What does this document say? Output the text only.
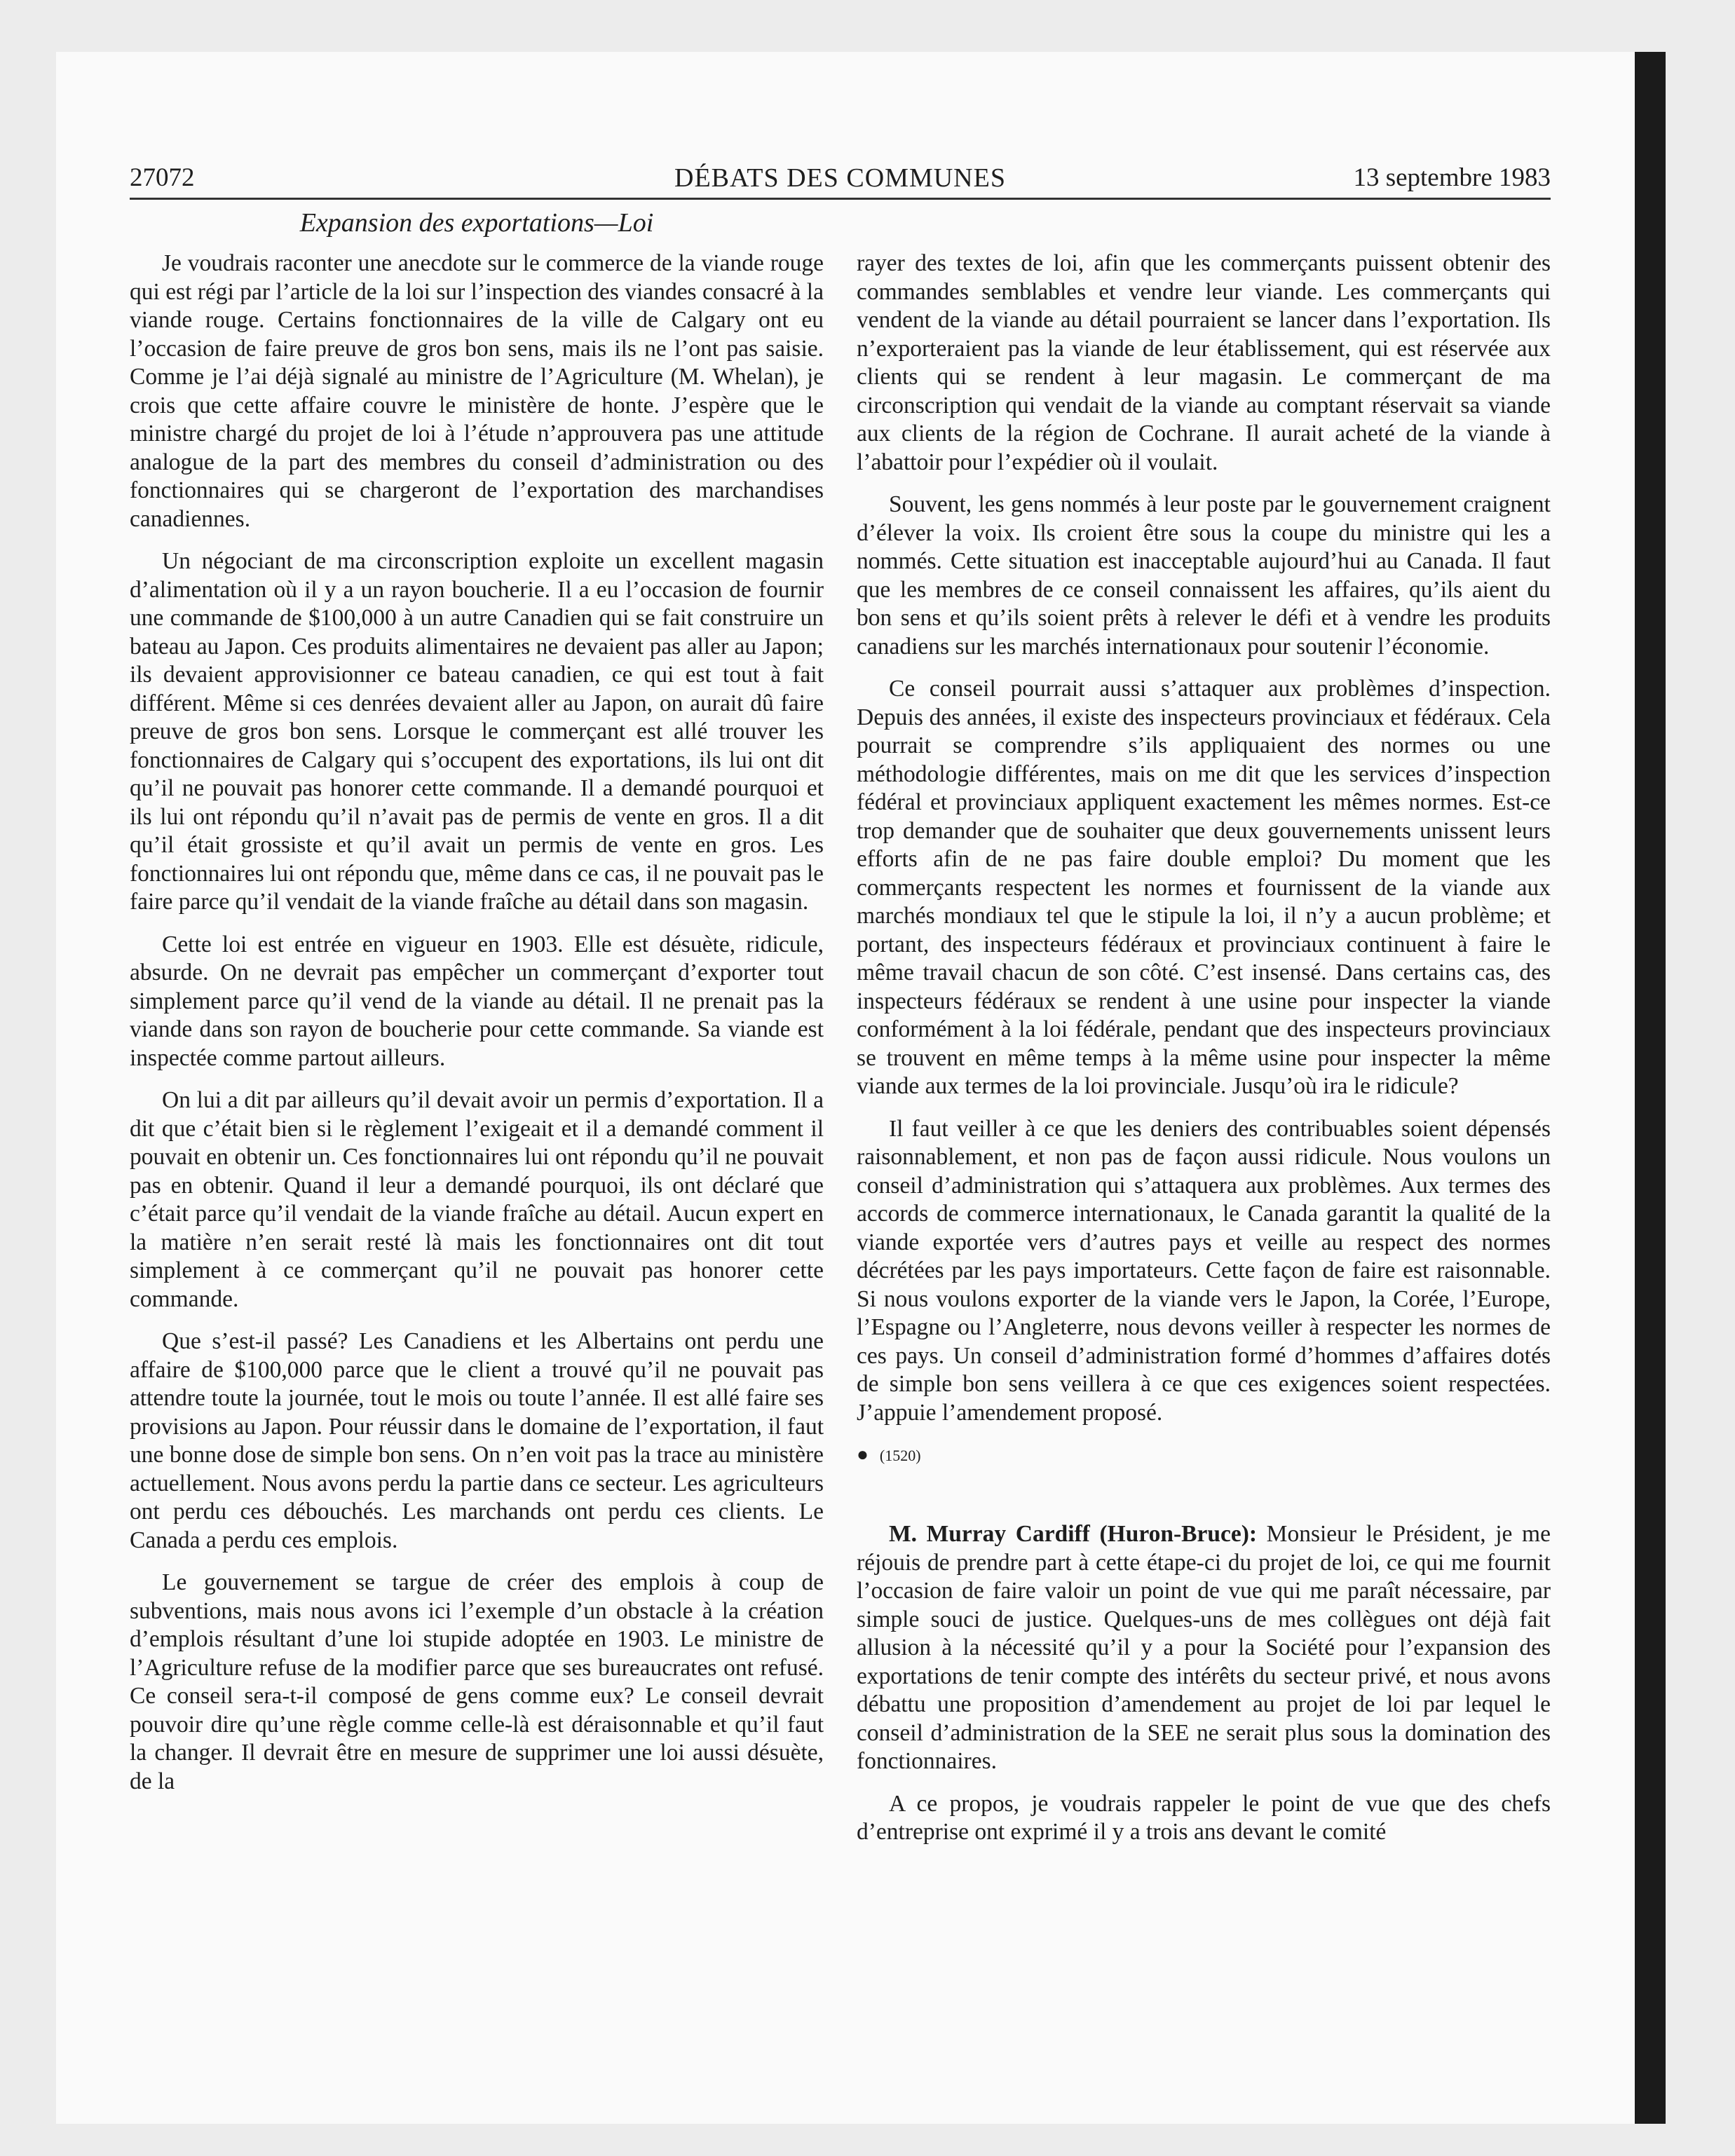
27072	DÉBATS DES COMMUNES	13 septembre 1983
Expansion des exportations—Loi

Je voudrais raconter une anecdote sur le commerce de la viande rouge qui est régi par l’article de la loi sur l’inspection des viandes consacré à la viande rouge. Certains fonctionnaires de la ville de Calgary ont eu l’occasion de faire preuve de gros bon sens, mais ils ne l’ont pas saisie. Comme je l’ai déjà signalé au ministre de l’Agriculture (M. Whelan), je crois que cette affaire couvre le ministère de honte. J’espère que le ministre chargé du projet de loi à l’étude n’approuvera pas une attitude analogue de la part des membres du conseil d’administration ou des fonctionnaires qui se chargeront de l’exportation des marchandises canadiennes.

Un négociant de ma circonscription exploite un excellent magasin d’alimentation où il y a un rayon boucherie. Il a eu l’occasion de fournir une commande de $100,000 à un autre Canadien qui se fait construire un bateau au Japon. Ces produits alimentaires ne devaient pas aller au Japon; ils devaient approvisionner ce bateau canadien, ce qui est tout à fait différent. Même si ces denrées devaient aller au Japon, on aurait dû faire preuve de gros bon sens. Lorsque le commerçant est allé trouver les fonctionnaires de Calgary qui s’occupent des exportations, ils lui ont dit qu’il ne pouvait pas honorer cette commande. Il a demandé pourquoi et ils lui ont répondu qu’il n’avait pas de permis de vente en gros. Il a dit qu’il était grossiste et qu’il avait un permis de vente en gros. Les fonctionnaires lui ont répondu que, même dans ce cas, il ne pouvait pas le faire parce qu’il vendait de la viande fraîche au détail dans son magasin.

Cette loi est entrée en vigueur en 1903. Elle est désuète, ridicule, absurde. On ne devrait pas empêcher un commerçant d’exporter tout simplement parce qu’il vend de la viande au détail. Il ne prenait pas la viande dans son rayon de boucherie pour cette commande. Sa viande est inspectée comme partout ailleurs.

On lui a dit par ailleurs qu’il devait avoir un permis d’exportation. Il a dit que c’était bien si le règlement l’exigeait et il a demandé comment il pouvait en obtenir un. Ces fonctionnaires lui ont répondu qu’il ne pouvait pas en obtenir. Quand il leur a demandé pourquoi, ils ont déclaré que c’était parce qu’il vendait de la viande fraîche au détail. Aucun expert en la matière n’en serait resté là mais les fonctionnaires ont dit tout simplement à ce commerçant qu’il ne pouvait pas honorer cette commande.

Que s’est-il passé? Les Canadiens et les Albertains ont perdu une affaire de $100,000 parce que le client a trouvé qu’il ne pouvait pas attendre toute la journée, tout le mois ou toute l’année. Il est allé faire ses provisions au Japon. Pour réussir dans le domaine de l’exportation, il faut une bonne dose de simple bon sens. On n’en voit pas la trace au ministère actuellement. Nous avons perdu la partie dans ce secteur. Les agriculteurs ont perdu ces débouchés. Les marchands ont perdu ces clients. Le Canada a perdu ces emplois.

Le gouvernement se targue de créer des emplois à coup de subventions, mais nous avons ici l’exemple d’un obstacle à la création d’emplois résultant d’une loi stupide adoptée en 1903. Le ministre de l’Agriculture refuse de la modifier parce que ses bureaucrates ont refusé. Ce conseil sera-t-il composé de gens comme eux? Le conseil devrait pouvoir dire qu’une règle comme celle-là est déraisonnable et qu’il faut la changer. Il devrait être en mesure de supprimer une loi aussi désuète, de la

rayer des textes de loi, afin que les commerçants puissent obtenir des commandes semblables et vendre leur viande. Les commerçants qui vendent de la viande au détail pourraient se lancer dans l’exportation. Ils n’exporteraient pas la viande de leur établissement, qui est réservée aux clients qui se rendent à leur magasin. Le commerçant de ma circonscription qui vendait de la viande au comptant réservait sa viande aux clients de la région de Cochrane. Il aurait acheté de la viande à l’abattoir pour l’expédier où il voulait.

Souvent, les gens nommés à leur poste par le gouvernement craignent d’élever la voix. Ils croient être sous la coupe du ministre qui les a nommés. Cette situation est inacceptable aujourd’hui au Canada. Il faut que les membres de ce conseil connaissent les affaires, qu’ils aient du bon sens et qu’ils soient prêts à relever le défi et à vendre les produits canadiens sur les marchés internationaux pour soutenir l’économie.

Ce conseil pourrait aussi s’attaquer aux problèmes d’inspection. Depuis des années, il existe des inspecteurs provinciaux et fédéraux. Cela pourrait se comprendre s’ils appliquaient des normes ou une méthodologie différentes, mais on me dit que les services d’inspection fédéral et provinciaux appliquent exactement les mêmes normes. Est-ce trop demander que de souhaiter que deux gouvernements unissent leurs efforts afin de ne pas faire double emploi? Du moment que les commerçants respectent les normes et fournissent de la viande aux marchés mondiaux tel que le stipule la loi, il n’y a aucun problème; et portant, des inspecteurs fédéraux et provinciaux continuent à faire le même travail chacun de son côté. C’est insensé. Dans certains cas, des inspecteurs fédéraux se rendent à une usine pour inspecter la viande conformément à la loi fédérale, pendant que des inspecteurs provinciaux se trouvent en même temps à la même usine pour inspecter la même viande aux termes de la loi provinciale. Jusqu’où ira le ridicule?

Il faut veiller à ce que les deniers des contribuables soient dépensés raisonnablement, et non pas de façon aussi ridicule. Nous voulons un conseil d’administration qui s’attaquera aux problèmes. Aux termes des accords de commerce internationaux, le Canada garantit la qualité de la viande exportée vers d’autres pays et veille au respect des normes décrétées par les pays importateurs. Cette façon de faire est raisonnable. Si nous voulons exporter de la viande vers le Japon, la Corée, l’Europe, l’Espagne ou l’Angleterre, nous devons veiller à respecter les normes de ces pays. Un conseil d’administration formé d’hommes d’affaires dotés de simple bon sens veillera à ce que ces exigences soient respectées. J’appuie l’amendement proposé.

● (1520)

M. Murray Cardiff (Huron-Bruce): Monsieur le Président, je me réjouis de prendre part à cette étape-ci du projet de loi, ce qui me fournit l’occasion de faire valoir un point de vue qui me paraît nécessaire, par simple souci de justice. Quelques-uns de mes collègues ont déjà fait allusion à la nécessité qu’il y a pour la Société pour l’expansion des exportations de tenir compte des intérêts du secteur privé, et nous avons débattu une proposition d’amendement au projet de loi par lequel le conseil d’administration de la SEE ne serait plus sous la domination des fonctionnaires.

A ce propos, je voudrais rappeler le point de vue que des chefs d’entreprise ont exprimé il y a trois ans devant le comité
